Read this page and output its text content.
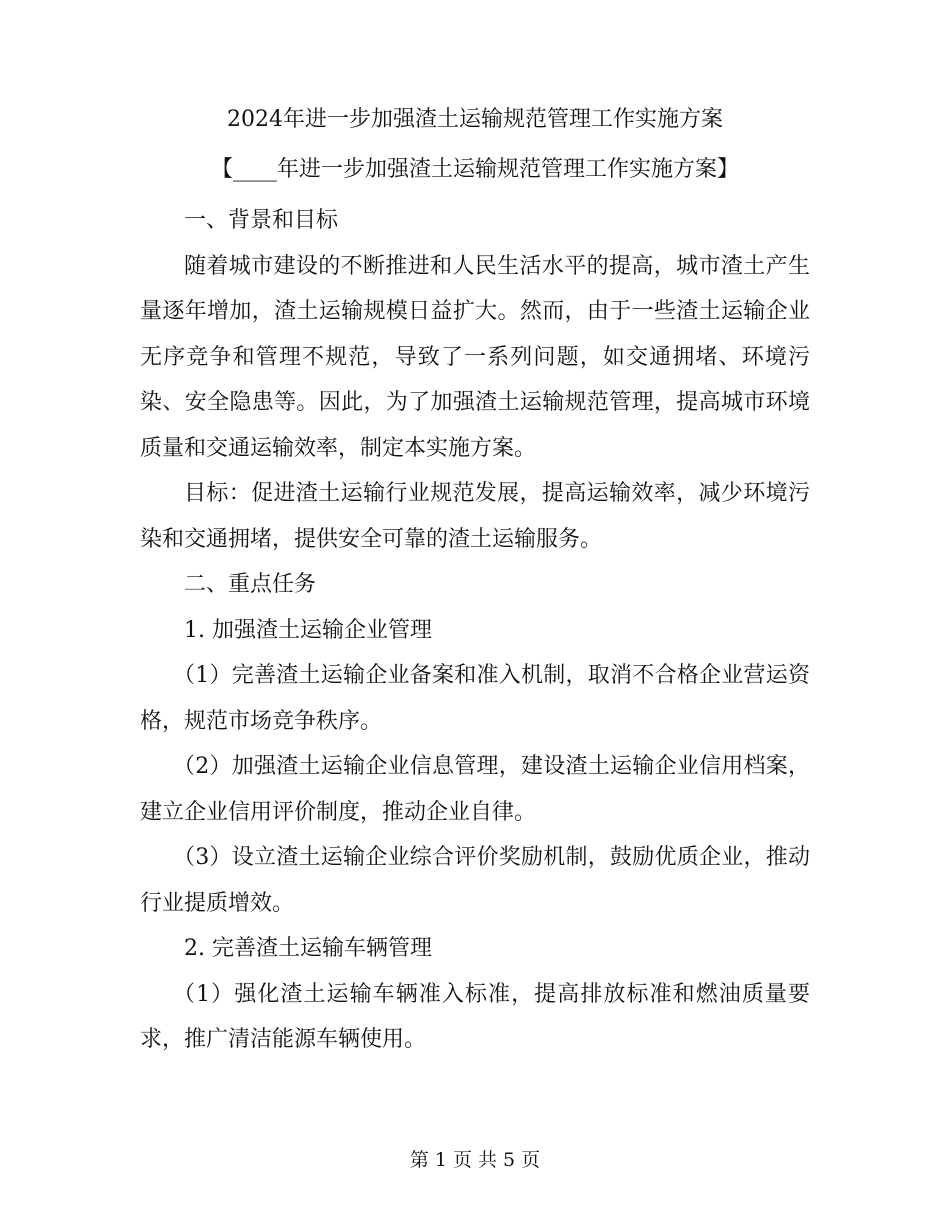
2024年进一步加强渣土运输规范管理工作实施方案
【____年进一步加强渣土运输规范管理工作实施方案】

一、背景和目标

随着城市建设的不断推进和人民生活水平的提高，城市渣土产生量逐年增加，渣土运输规模日益扩大。然而，由于一些渣土运输企业无序竞争和管理不规范，导致了一系列问题，如交通拥堵、环境污染、安全隐患等。因此，为了加强渣土运输规范管理，提高城市环境质量和交通运输效率，制定本实施方案。

目标：促进渣土运输行业规范发展，提高运输效率，减少环境污染和交通拥堵，提供安全可靠的渣土运输服务。

二、重点任务

1. 加强渣土运输企业管理

（1）完善渣土运输企业备案和准入机制，取消不合格企业营运资格，规范市场竞争秩序。

（2）加强渣土运输企业信息管理，建设渣土运输企业信用档案，建立企业信用评价制度，推动企业自律。

（3）设立渣土运输企业综合评价奖励机制，鼓励优质企业，推动行业提质增效。

2. 完善渣土运输车辆管理

（1）强化渣土运输车辆准入标准，提高排放标准和燃油质量要求，推广清洁能源车辆使用。

第 1 页 共 5 页
